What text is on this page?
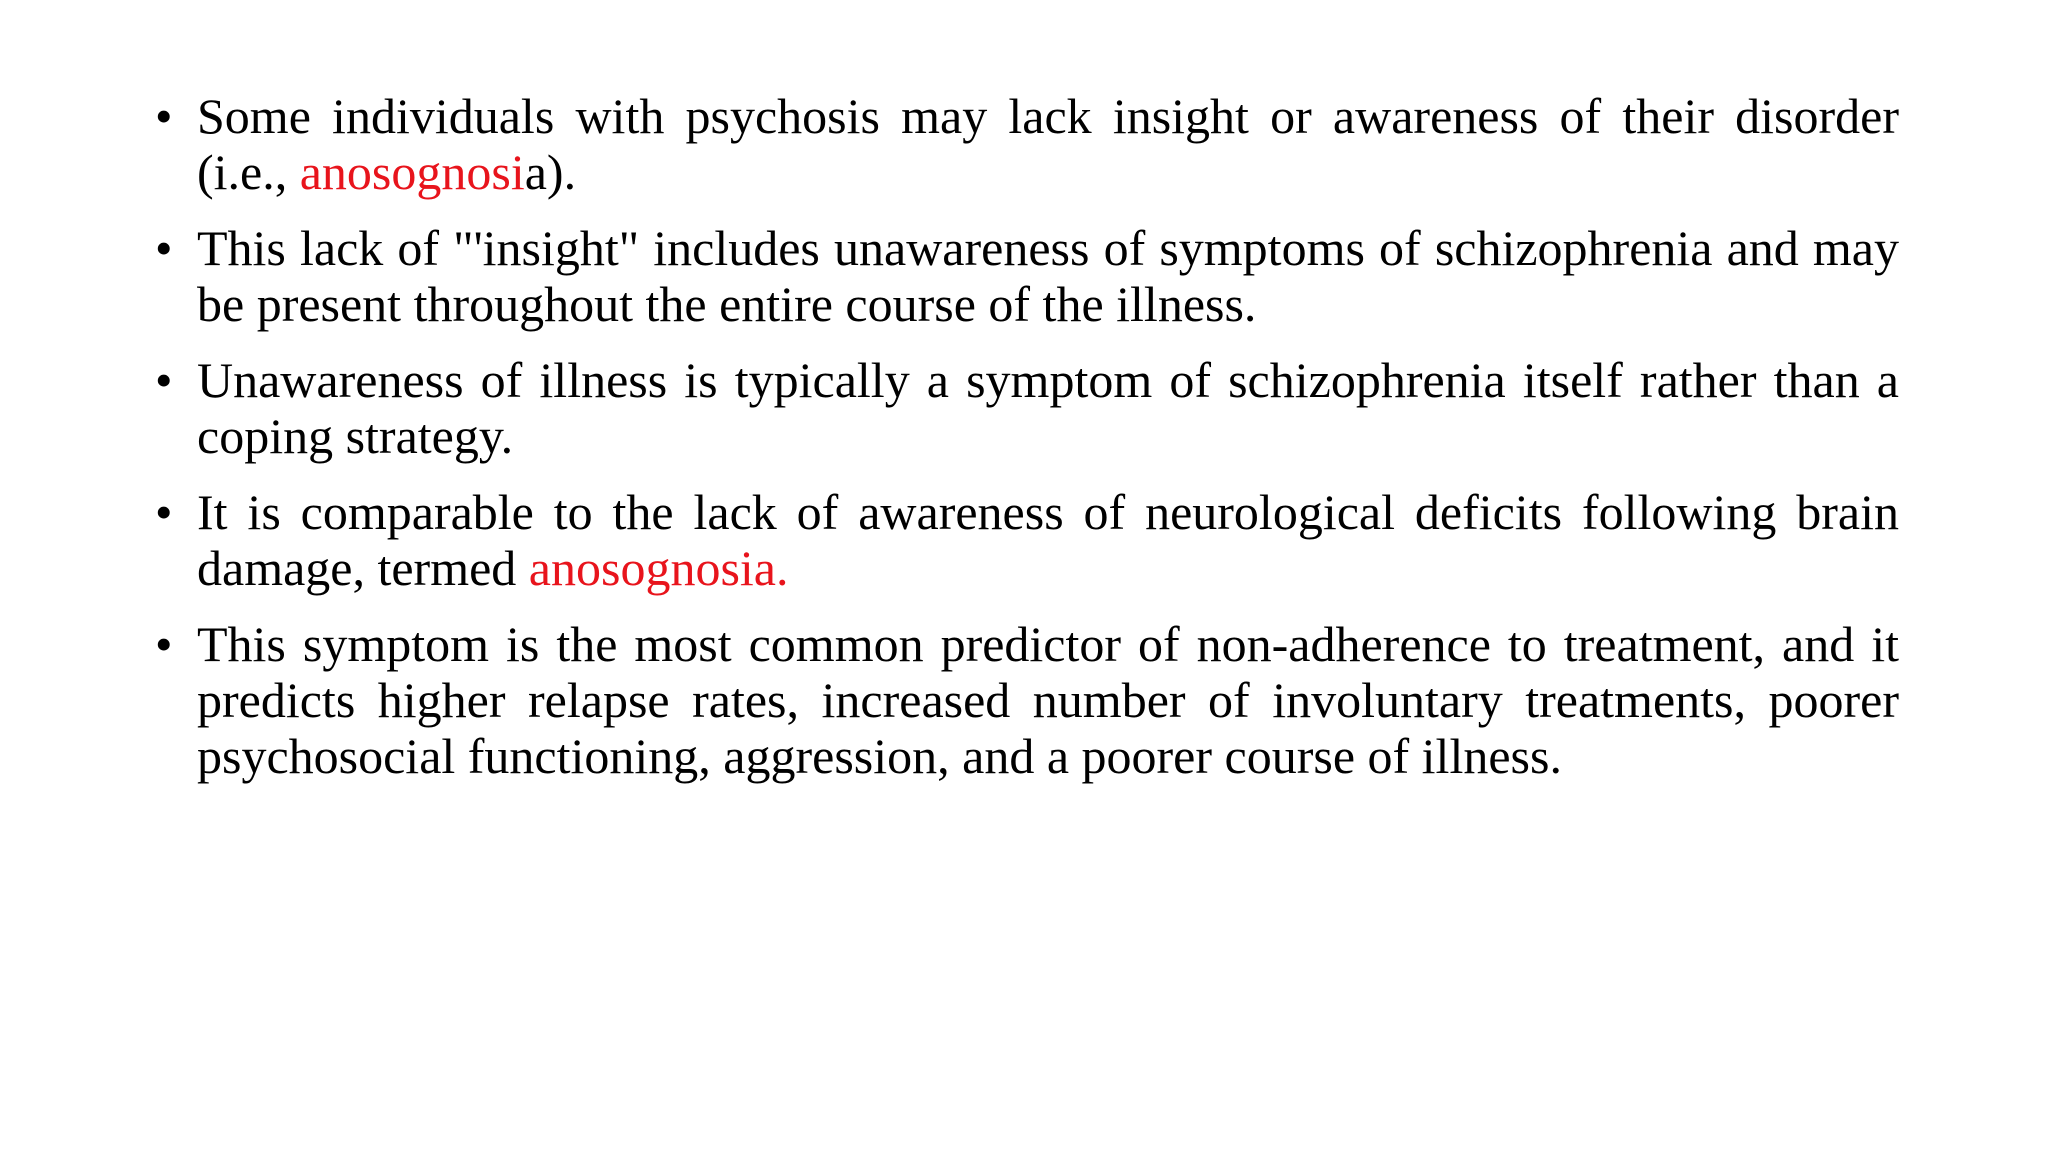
• Some individuals with psychosis may lack insight or awareness of their disorder (i.e., anosognosia).
• This lack of "'insight" includes unawareness of symptoms of schizophrenia and may be present throughout the entire course of the illness.
• Unawareness of illness is typically a symptom of schizophrenia itself rather than a coping strategy.
• It is comparable to the lack of awareness of neurological deficits following brain damage, termed anosognosia.
• This symptom is the most common predictor of non-adherence to treatment, and it predicts higher relapse rates, increased number of involuntary treatments, poorer psychosocial functioning, aggression, and a poorer course of illness.
